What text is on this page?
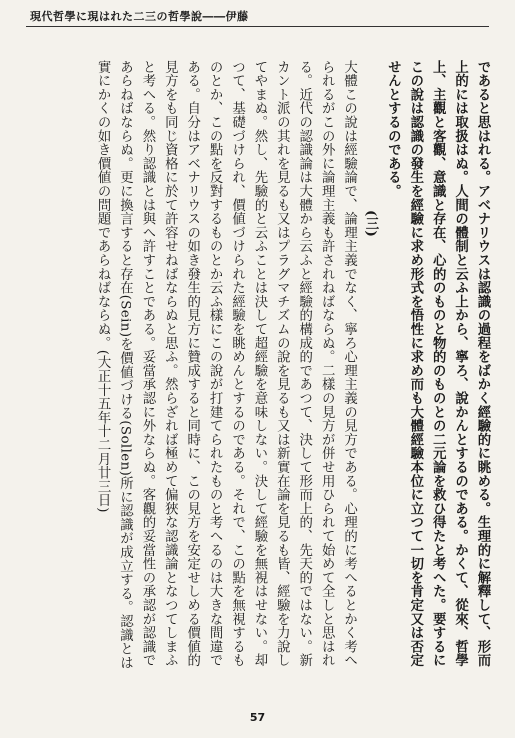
現代哲學に現はれた二三の哲學說――伊藤

であると思はれる。アベナリウスは認識の過程をばかく經驗的に眺める。生理的に解釋して、形而上的には取扱はぬ。人間の體制と云ふ上から、寧ろ、說かんとするのである。かくて、從來、哲學上、主觀と客觀、意識と存在、心的のものと物的のものとの二元論を救ひ得たと考へた。要するにこの說は認識の發生を經驗に求め形式を悟性に求め而も大體經驗本位に立つて一切を肯定又は否定せんとするのである。

(三)

大體この說は經驗論で、論理主義でなく、寧ろ心理主義の見方である。心理的に考へるとかく考へられるがこの外に論理主義も許されねばならぬ。二樣の見方が併せ用ひられて始めて全しと思はれる。近代の認識論は大體から云ふと經驗的構成的であつて、決して形而上的、先天的ではない。新カント派の其れを見るも又はプラグマチズムの說を見るも又は新實在論を見るも皆、經驗を力說してやまぬ。然し、先驗的と云ふことは決して超經驗を意味しない。決して經驗を無視はせない。却つて、基礎づけられ、價値づけられた經驗を眺めんとするのである。それで、この點を無視するものとか、この點を反對するものとか云ふ樣にこの說が打建てられたものと考へるのは大きな間違である。自分はアベナリウスの如き發生的見方に贊成すると同時に、この見方を安定せしめる價値的見方をも同じ資格に於て許容せねばならぬと思ふ。然らざれば極めて偏狹な認識論となつてしまふと考へる。然り認識とは與へ許すことである。妥當承認に外ならぬ。客觀的妥當性の承認が認識であらねばならぬ。更に換言すると存在(Sein)を價値づける(Sollen)所に認識が成立する。認識とは實にかくの如き價値の問題であらねばならぬ。(大正十五年十二月廿三日)

57
